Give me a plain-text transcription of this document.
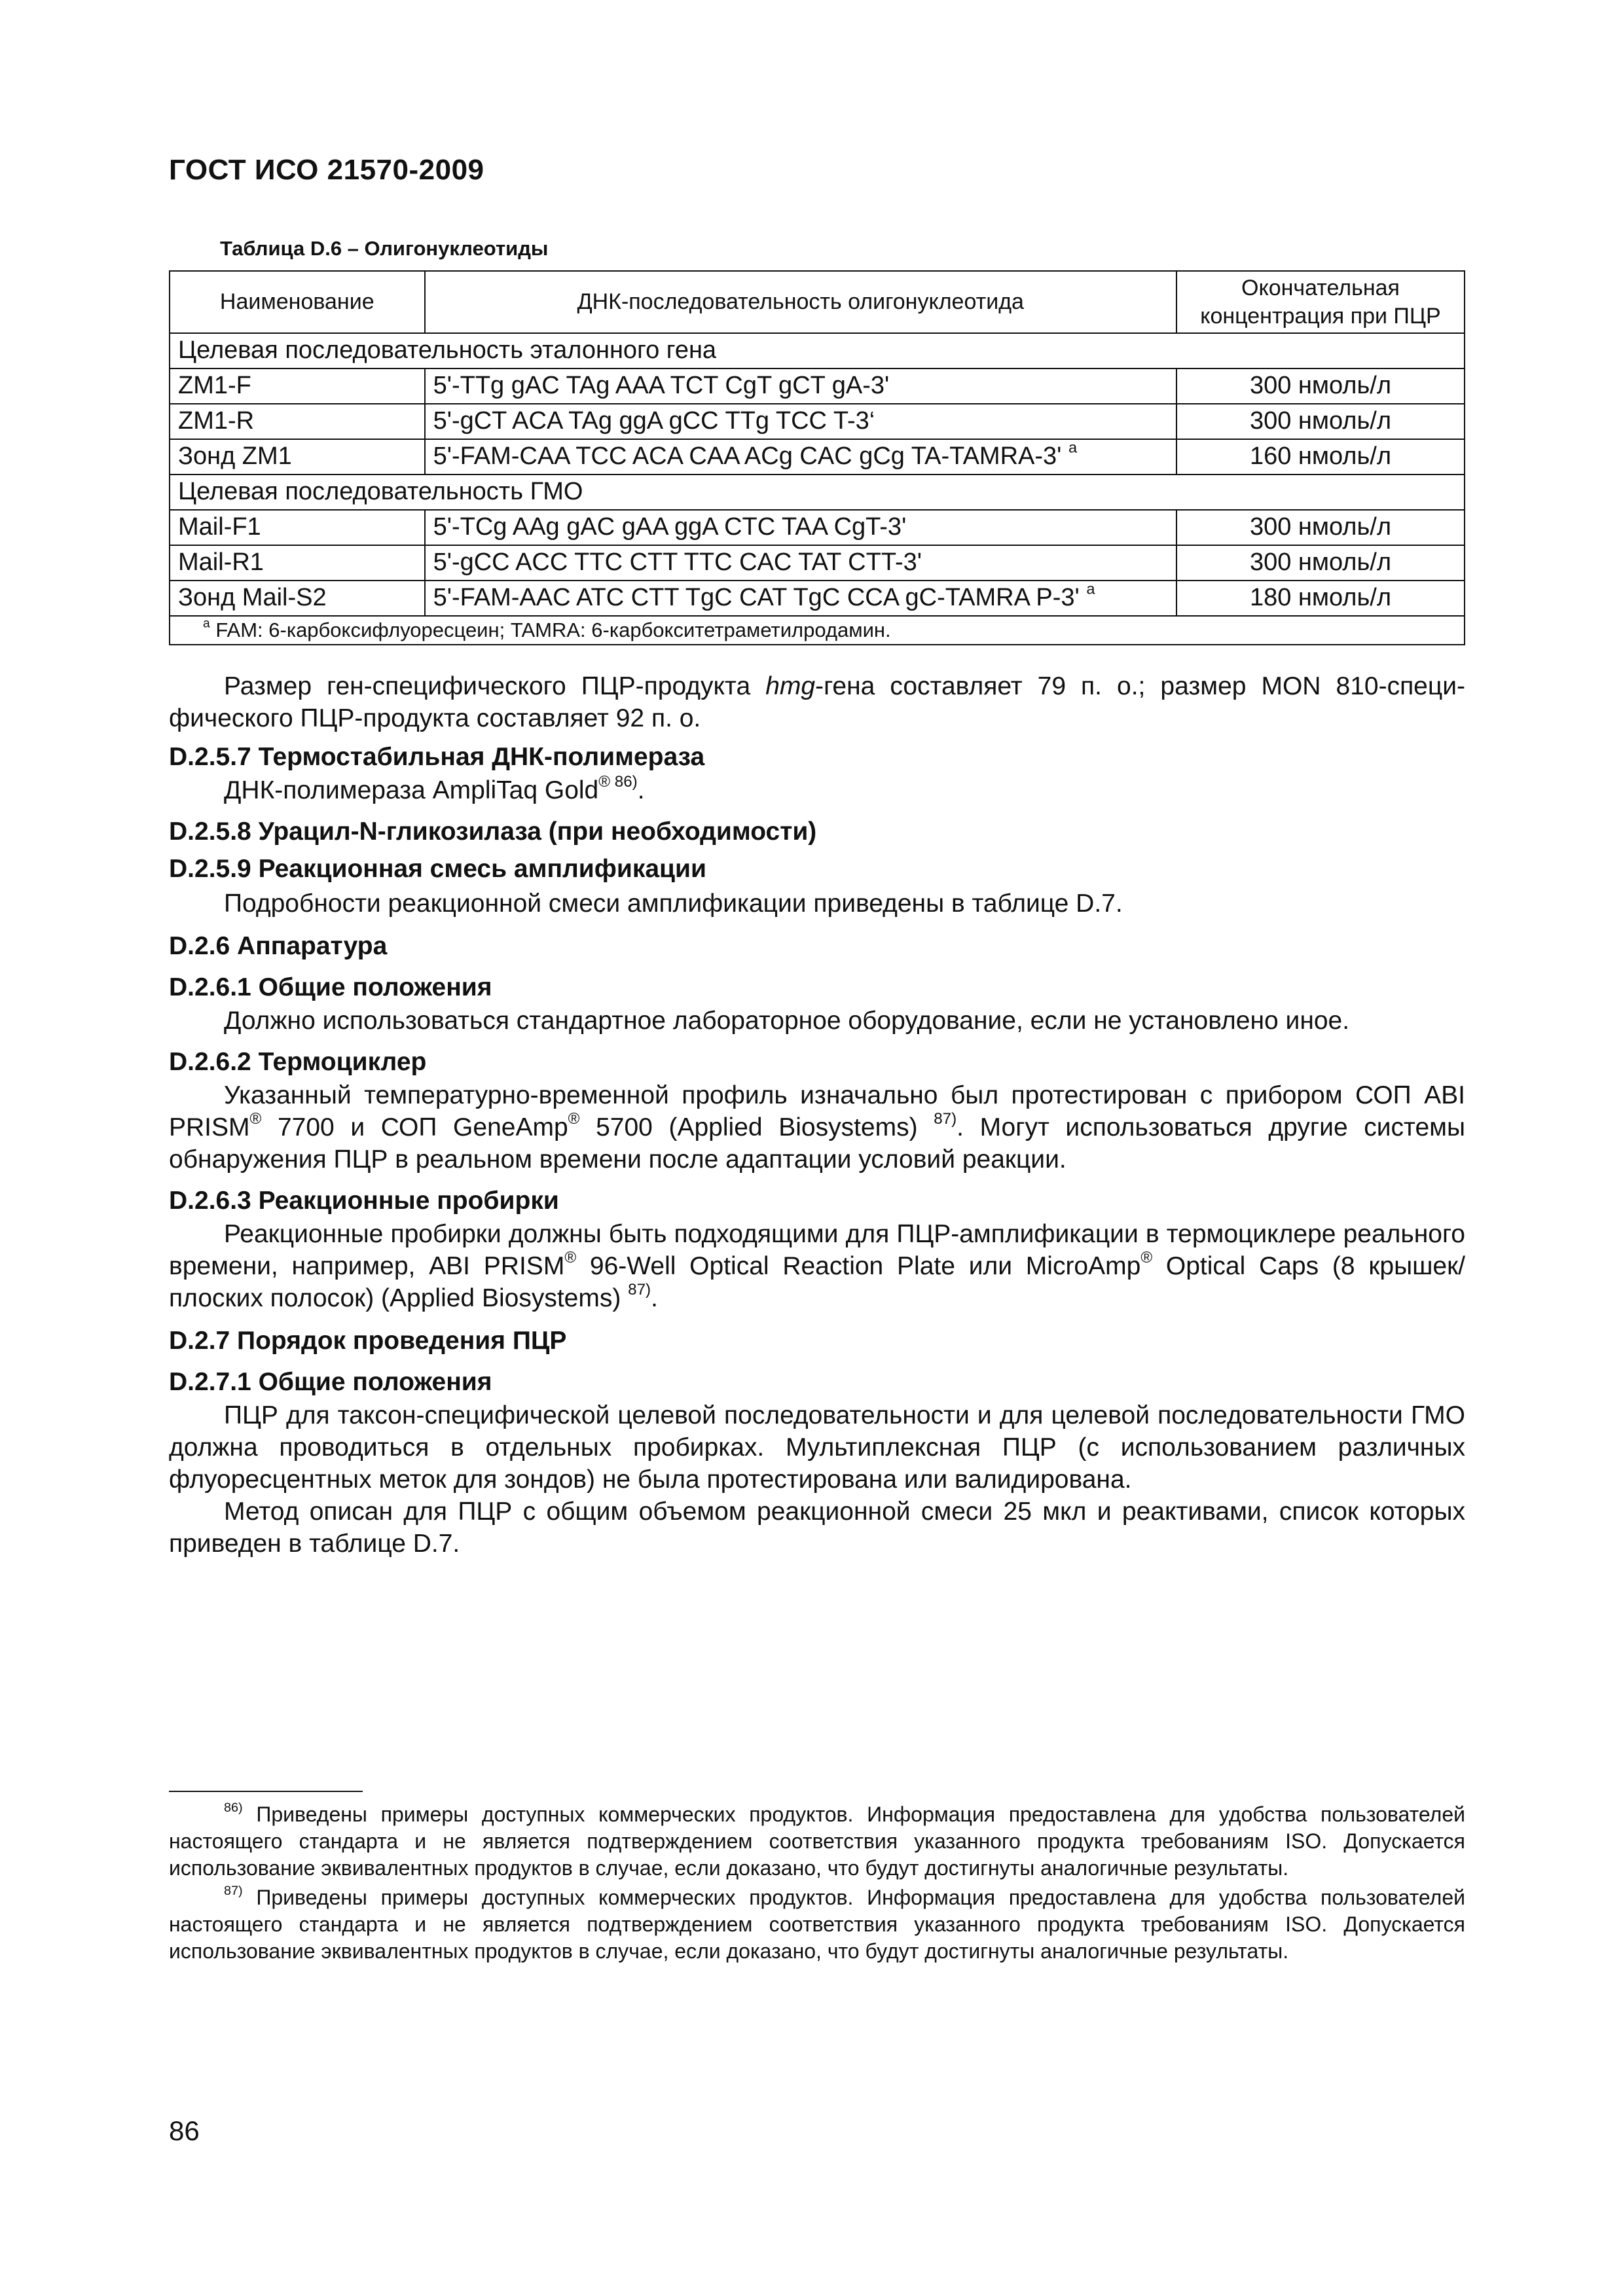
ГОСТ ИСО 21570-2009
Таблица D.6 – Олигонуклеотиды
Наименование	ДНК-последовательность олигонуклеотида	Окончательная концентрация при ПЦР
Целевая последовательность эталонного гена		
ZM1-F	5'-TTg gAC TAg AAA TCT CgT gCT gA-3'	300 нмоль/л
ZM1-R	5'-gCT ACA TAg ggA gCC TTg TCC T-3‘	300 нмоль/л
Зонд ZM1	5'-FAM-CAA TCC ACA CAA ACg CAC gCg TA-TAMRA-3' $^a$	160 нмоль/л
Целевая последовательность ГМО		
Mail-F1	5'-TCg AAg gAC gAA ggA CTC TAA CgT-3'	300 нмоль/л
Mail-R1	5'-gCC ACC TTC CTT TTC CAC TAT CTT-3'	300 нмоль/л
Зонд Mail-S2	5'-FAM-AAC ATC CTT TgC CAT TgC CCA gC-TAMRA P-3' $^a$	180 нмоль/л
$^a$ FAM: 6-карбоксифлуоресцеин; TAMRA: 6-карбокситетраметилродамин.		

Размер ген-специфического ПЦР-продукта hmg-гена составляет 79 п. о.; размер MON 810-специфического ПЦР-продукта составляет 92 п. о.

D.2.5.7 Термостабильная ДНК-полимераза

ДНК-полимераза AmpliTaq Gold$^{® 86)}$.

D.2.5.8 Урацил-N-гликозилаза (при необходимости)

D.2.5.9 Реакционная смесь амплификации

Подробности реакционной смеси амплификации приведены в таблице D.7.

D.2.6 Аппаратура

D.2.6.1 Общие положения

Должно использоваться стандартное лабораторное оборудование, если не установлено иное.

D.2.6.2 Термоциклер

Указанный температурно-временной профиль изначально был протестирован с прибором СОП ABI PRISM® 7700 и СОП GeneAmp® 5700 (Applied Biosystems) $^{87)}$. Могут использоваться другие системы обнаружения ПЦР в реальном времени после адаптации условий реакции.

D.2.6.3 Реакционные пробирки

Реакционные пробирки должны быть подходящими для ПЦР-амплификации в термоциклере реального времени, например, ABI PRISM® 96-Well Optical Reaction Plate или MicroAmp® Optical Caps (8 крышек/плоских полосок) (Applied Biosystems) $^{87)}$.

D.2.7 Порядок проведения ПЦР

D.2.7.1 Общие положения

ПЦР для таксон-специфической целевой последовательности и для целевой последовательности ГМО должна проводиться в отдельных пробирках. Мультиплексная ПЦР (с использованием различных флуоресцентных меток для зондов) не была протестирована или валидирована.

Метод описан для ПЦР с общим объемом реакционной смеси 25 мкл и реактивами, список которых приведен в таблице D.7.

$^{86)}$ Приведены примеры доступных коммерческих продуктов. Информация предоставлена для удобства пользователей настоящего стандарта и не является подтверждением соответствия указанного продукта требованиям ISO. Допускается использование эквивалентных продуктов в случае, если доказано, что будут достигнуты аналогичные результаты.

$^{87)}$ Приведены примеры доступных коммерческих продуктов. Информация предоставлена для удобства пользователей настоящего стандарта и не является подтверждением соответствия указанного продукта требованиям ISO. Допускается использование эквивалентных продуктов в случае, если доказано, что будут достигнуты аналогичные результаты.

86
